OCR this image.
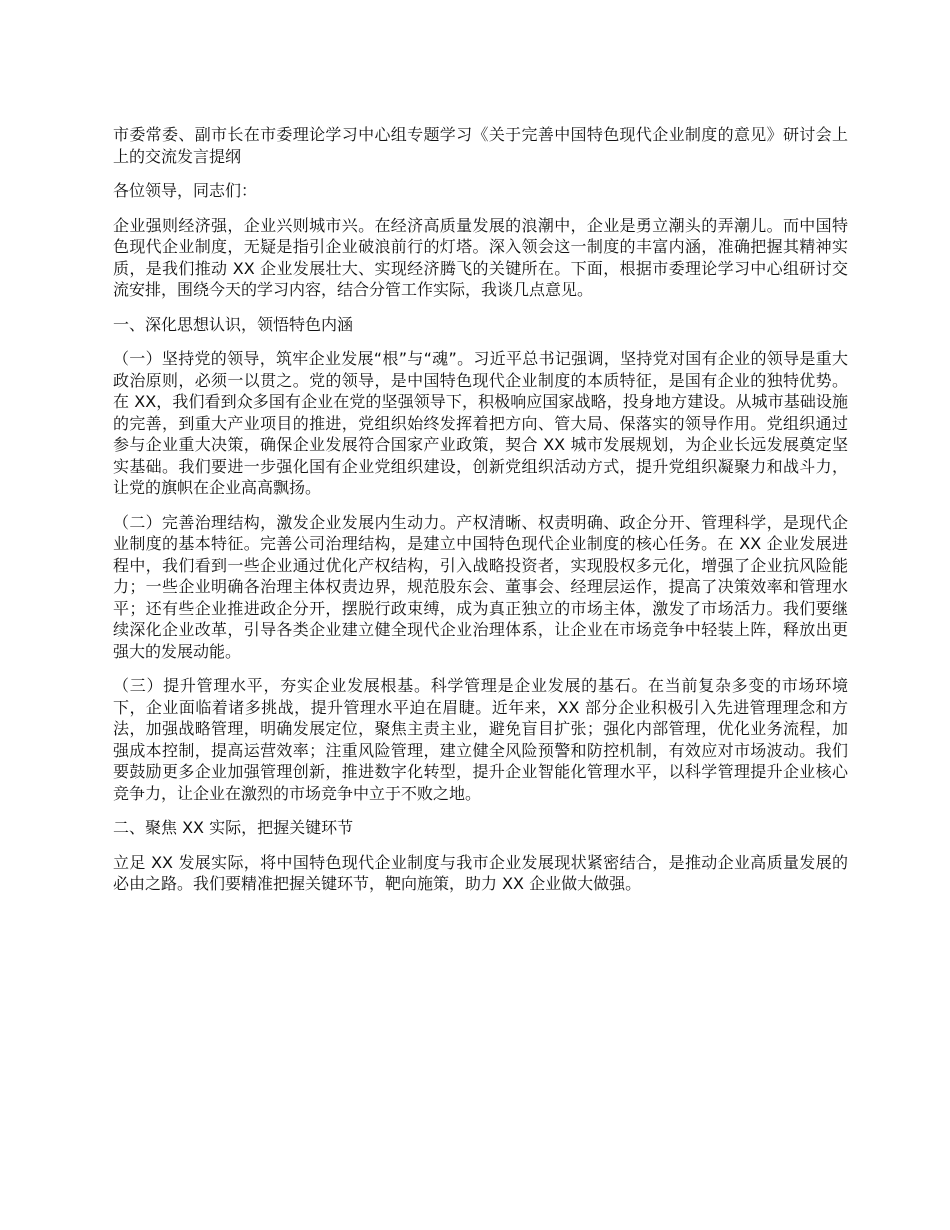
市委常委、副市长在市委理论学习中心组专题学习《关于完善中国特色现代企业制度的意见》研讨会上上的交流发言提纲

各位领导，同志们：

企业强则经济强，企业兴则城市兴。在经济高质量发展的浪潮中，企业是勇立潮头的弄潮儿。而中国特色现代企业制度，无疑是指引企业破浪前行的灯塔。深入领会这一制度的丰富内涵，准确把握其精神实质，是我们推动 XX 企业发展壮大、实现经济腾飞的关键所在。下面，根据市委理论学习中心组研讨交流安排，围绕今天的学习内容，结合分管工作实际，我谈几点意见。

一、深化思想认识，领悟特色内涵

（一）坚持党的领导，筑牢企业发展“根”与“魂”。习近平总书记强调，坚持党对国有企业的领导是重大政治原则，必须一以贯之。党的领导，是中国特色现代企业制度的本质特征，是国有企业的独特优势。在 XX，我们看到众多国有企业在党的坚强领导下，积极响应国家战略，投身地方建设。从城市基础设施的完善，到重大产业项目的推进，党组织始终发挥着把方向、管大局、保落实的领导作用。党组织通过参与企业重大决策，确保企业发展符合国家产业政策，契合 XX 城市发展规划，为企业长远发展奠定坚实基础。我们要进一步强化国有企业党组织建设，创新党组织活动方式，提升党组织凝聚力和战斗力，让党的旗帜在企业高高飘扬。

（二）完善治理结构，激发企业发展内生动力。产权清晰、权责明确、政企分开、管理科学，是现代企业制度的基本特征。完善公司治理结构，是建立中国特色现代企业制度的核心任务。在 XX 企业发展进程中，我们看到一些企业通过优化产权结构，引入战略投资者，实现股权多元化，增强了企业抗风险能力；一些企业明确各治理主体权责边界，规范股东会、董事会、经理层运作，提高了决策效率和管理水平；还有些企业推进政企分开，摆脱行政束缚，成为真正独立的市场主体，激发了市场活力。我们要继续深化企业改革，引导各类企业建立健全现代企业治理体系，让企业在市场竞争中轻装上阵，释放出更强大的发展动能。

（三）提升管理水平，夯实企业发展根基。科学管理是企业发展的基石。在当前复杂多变的市场环境下，企业面临着诸多挑战，提升管理水平迫在眉睫。近年来，XX 部分企业积极引入先进管理理念和方法，加强战略管理，明确发展定位，聚焦主责主业，避免盲目扩张；强化内部管理，优化业务流程，加强成本控制，提高运营效率；注重风险管理，建立健全风险预警和防控机制，有效应对市场波动。我们要鼓励更多企业加强管理创新，推进数字化转型，提升企业智能化管理水平，以科学管理提升企业核心竞争力，让企业在激烈的市场竞争中立于不败之地。

二、聚焦 XX 实际，把握关键环节

立足 XX 发展实际，将中国特色现代企业制度与我市企业发展现状紧密结合，是推动企业高质量发展的必由之路。我们要精准把握关键环节，靶向施策，助力 XX 企业做大做强。
